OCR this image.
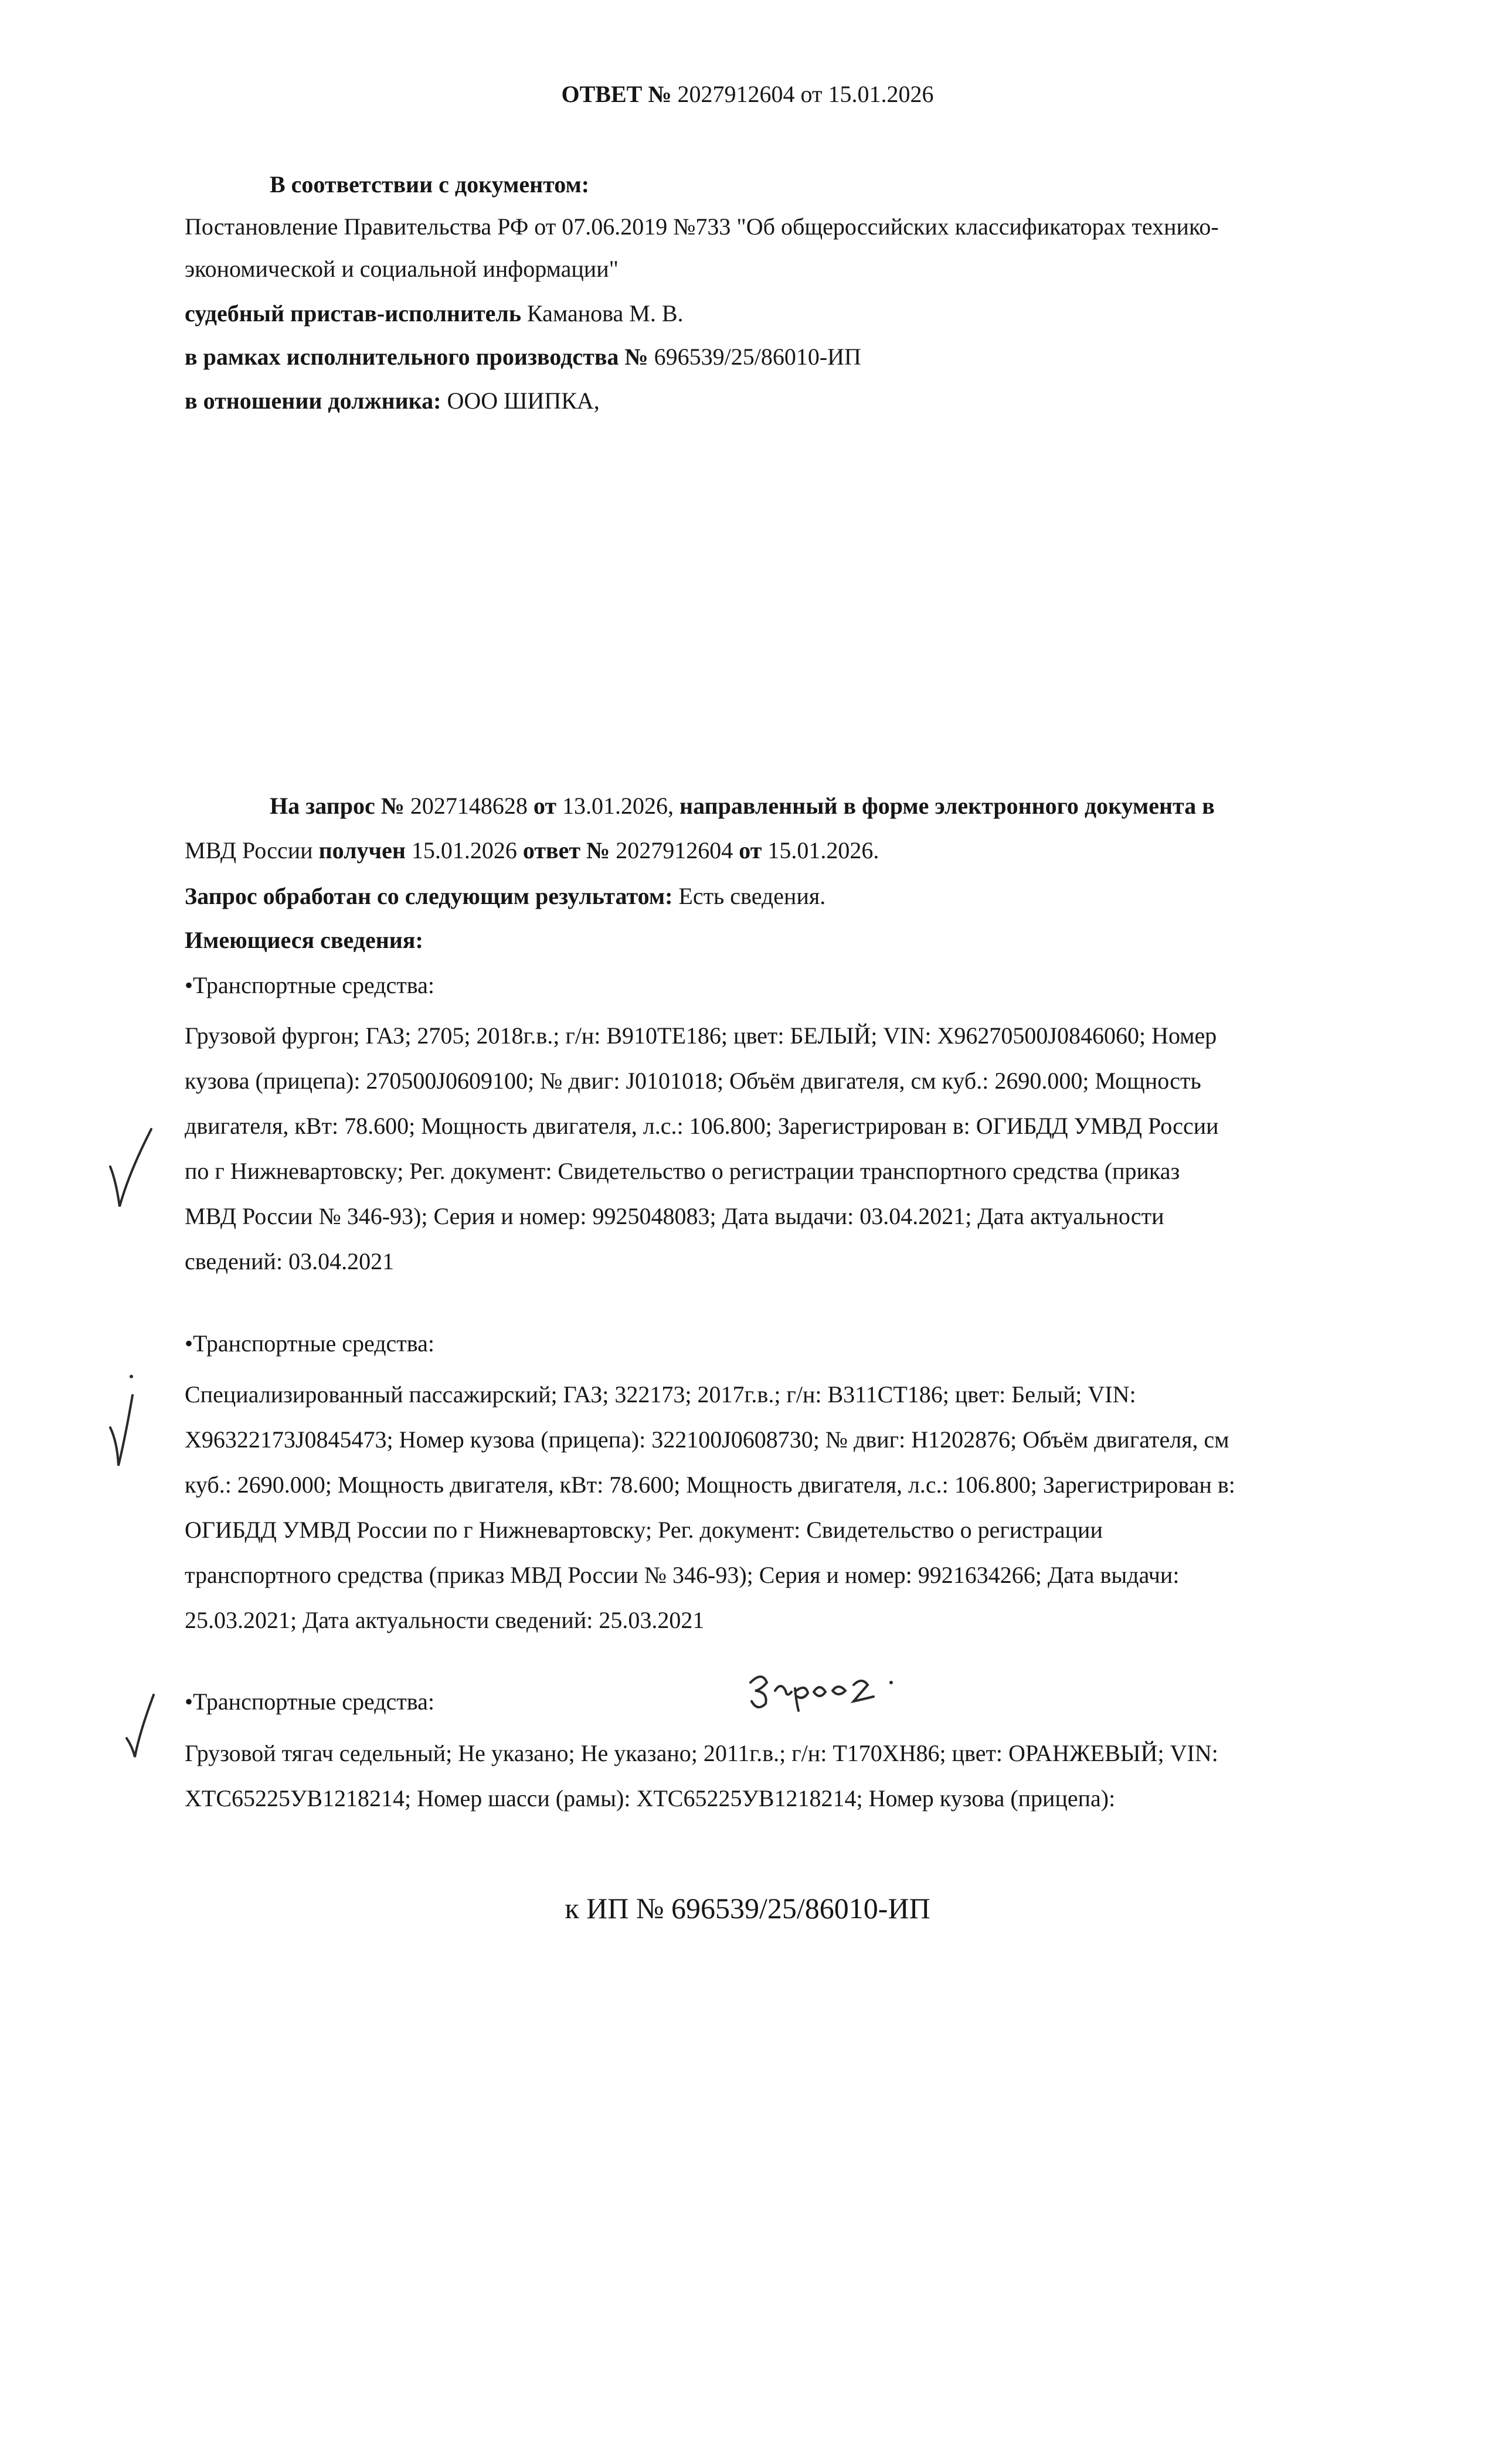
ОТВЕТ № 2027912604 от 15.01.2026
В соответствии с документом:
Постановление Правительства РФ от 07.06.2019 №733 "Об общероссийских классификаторах технико-
экономической и социальной информации"
судебный пристав-исполнитель Каманова М. В.
в рамках исполнительного производства № 696539/25/86010-ИП
в отношении должника: ООО ШИПКА,
На запрос № 2027148628 от 13.01.2026, направленный в форме электронного документа в
МВД России получен 15.01.2026 ответ № 2027912604 от 15.01.2026.
Запрос обработан со следующим результатом: Есть сведения.
Имеющиеся сведения:
•Транспортные средства:
Грузовой фургон; ГАЗ; 2705; 2018г.в.; г/н: В910ТЕ186; цвет: БЕЛЫЙ; VIN: X96270500J0846060; Номер
кузова (прицепа): 270500J0609100; № двиг: J0101018; Объём двигателя, см куб.: 2690.000; Мощность
двигателя, кВт: 78.600; Мощность двигателя, л.с.: 106.800; Зарегистрирован в: ОГИБДД УМВД России
по г Нижневартовску; Рег. документ: Свидетельство о регистрации транспортного средства (приказ
МВД России № 346-93); Серия и номер: 9925048083; Дата выдачи: 03.04.2021; Дата актуальности
сведений: 03.04.2021
•Транспортные средства:
Специализированный пассажирский; ГАЗ; 322173; 2017г.в.; г/н: В311СТ186; цвет: Белый; VIN:
X96322173J0845473; Номер кузова (прицепа): 322100J0608730; № двиг: H1202876; Объём двигателя, см
куб.: 2690.000; Мощность двигателя, кВт: 78.600; Мощность двигателя, л.с.: 106.800; Зарегистрирован в:
ОГИБДД УМВД России по г Нижневартовску; Рег. документ: Свидетельство о регистрации
транспортного средства (приказ МВД России № 346-93); Серия и номер: 9921634266; Дата выдачи:
25.03.2021; Дата актуальности сведений: 25.03.2021
•Транспортные средства:
Грузовой тягач седельный; Не указано; Не указано; 2011г.в.; г/н: Т170ХН86; цвет: ОРАНЖЕВЫЙ; VIN:
XTC65225УB1218214; Номер шасси (рамы): XTC65225УB1218214; Номер кузова (прицепа):
к ИП № 696539/25/86010-ИП
